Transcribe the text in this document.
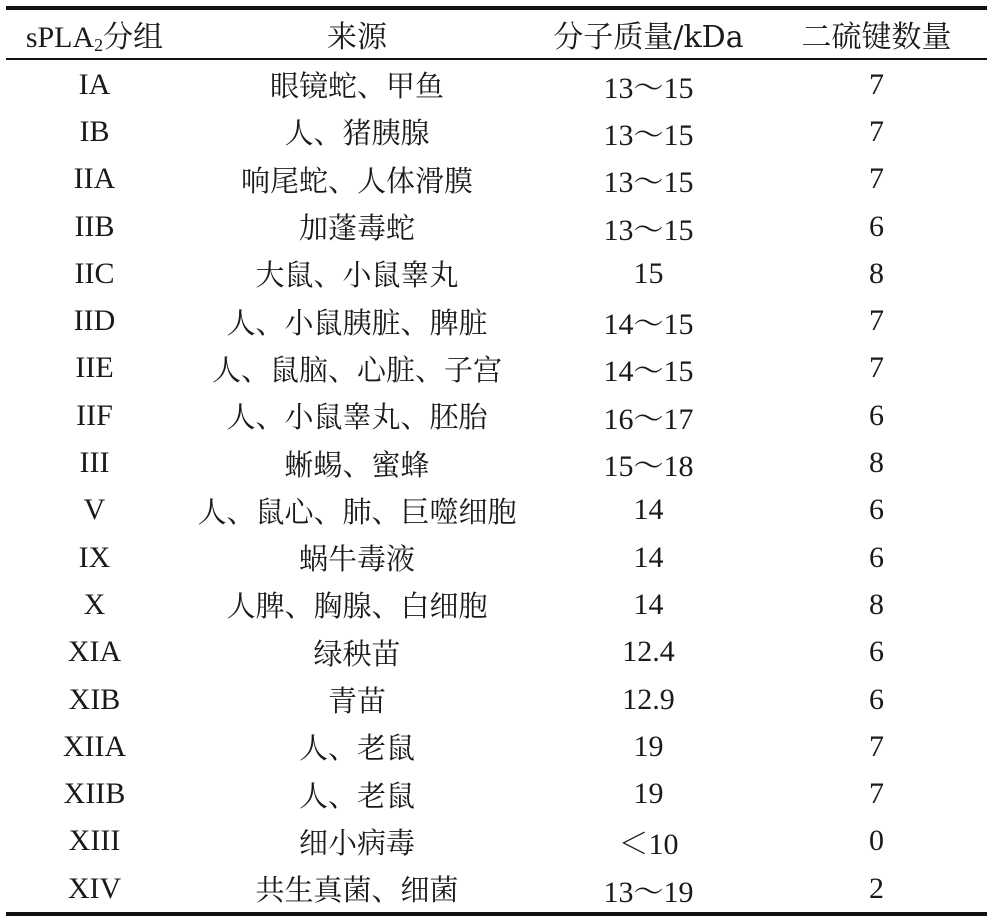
sPLA$_2$分组	来源	分子质量/kDa	二硫键数量
IA	眼镜蛇、甲鱼	13～15	7
IB	人、猪胰腺	13～15	7
IIA	响尾蛇、人体滑膜	13～15	7
IIB	加蓬毒蛇	13～15	6
IIC	大鼠、小鼠睾丸	15	8
IID	人、小鼠胰脏、脾脏	14～15	7
IIE	人、鼠脑、心脏、子宫	14～15	7
IIF	人、小鼠睾丸、胚胎	16～17	6
III	蜥蜴、蜜蜂	15～18	8
V	人、鼠心、肺、巨噬细胞	14	6
IX	蜗牛毒液	14	6
X	人脾、胸腺、白细胞	14	8
XIA	绿秧苗	12.4	6
XIB	青苗	12.9	6
XIIA	人、老鼠	19	7
XIIB	人、老鼠	19	7
XIII	细小病毒	＜10	0
XIV	共生真菌、细菌	13～19	2
